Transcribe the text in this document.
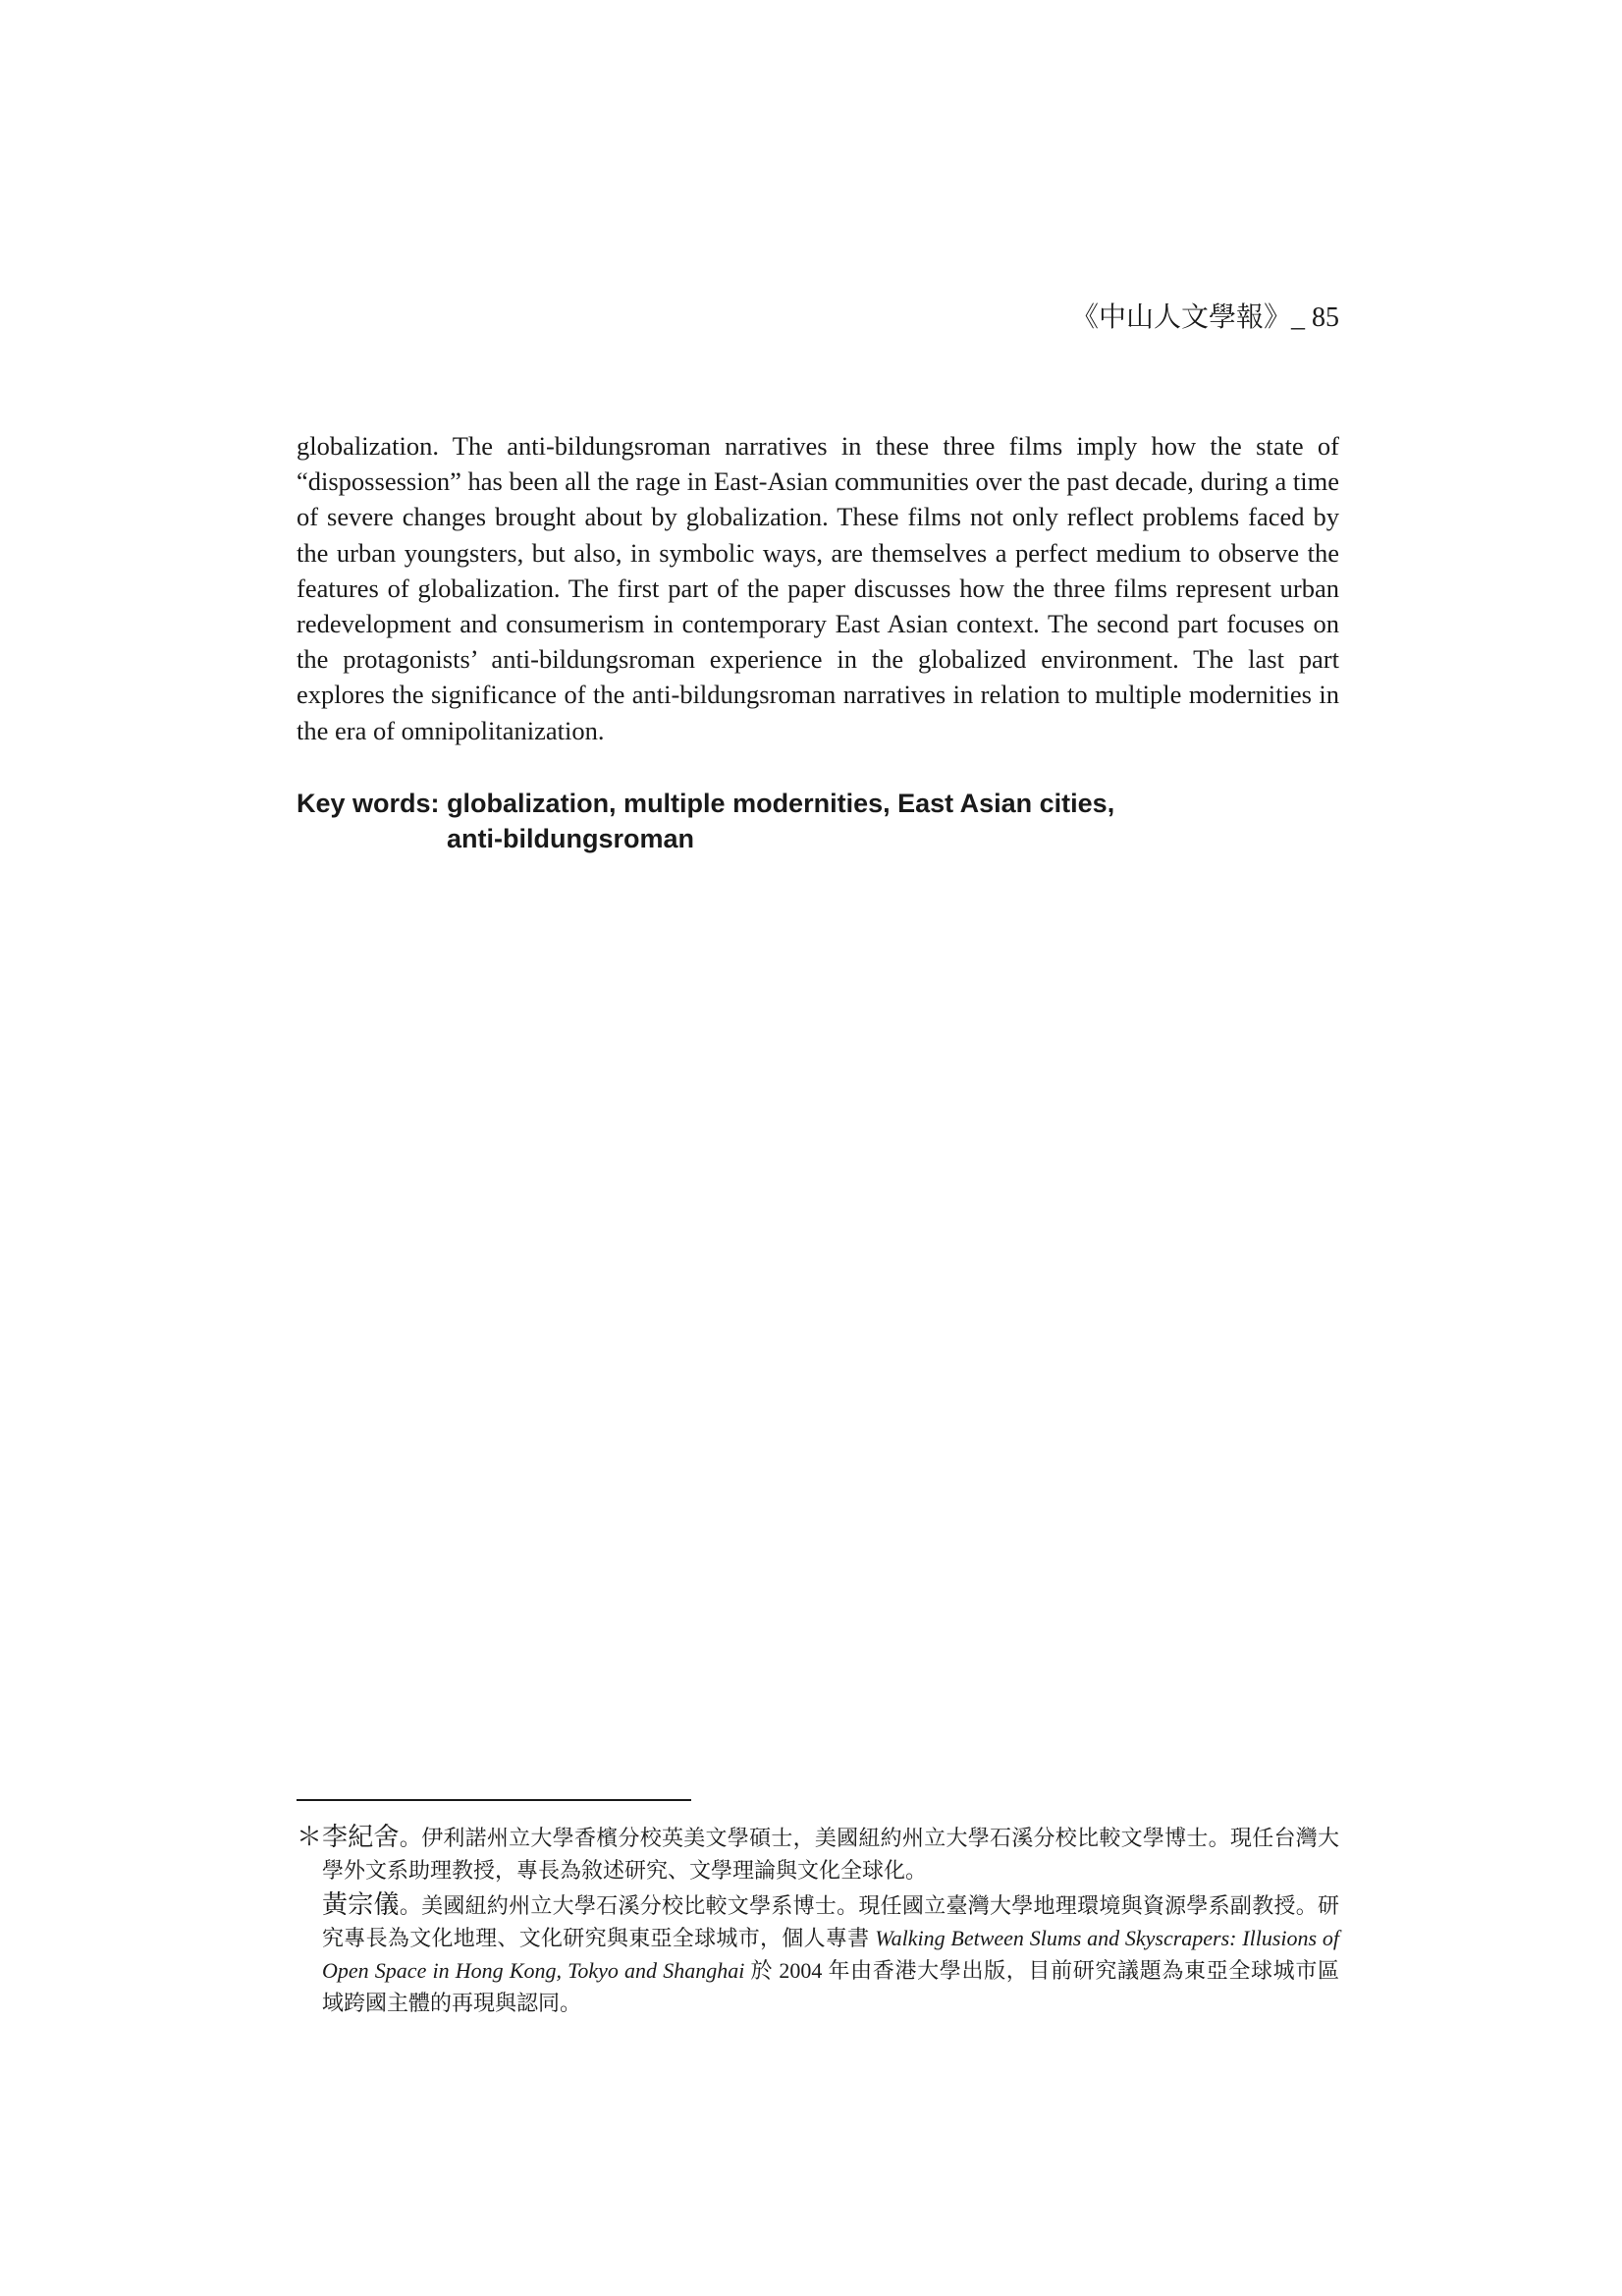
《中山人文學報》_ 85

globalization. The anti-bildungsroman narratives in these three films imply how the state of “dispossession” has been all the rage in East-Asian communities over the past decade, during a time of severe changes brought about by globalization. These films not only reflect problems faced by the urban youngsters, but also, in symbolic ways, are themselves a perfect medium to observe the features of globalization. The first part of the paper discusses how the three films represent urban redevelopment and consumerism in contemporary East Asian context. The second part focuses on the protagonists’ anti-bildungsroman experience in the globalized environment. The last part explores the significance of the anti-bildungsroman narratives in relation to multiple modernities in the era of omnipolitanization.

Key words: globalization, multiple modernities, East Asian cities,
anti-bildungsroman
＊ 李紀舍。伊利諾州立大學香檳分校英美文學碩士，美國紐約州立大學石溪分校比較文學博士。現任台灣大學外文系助理教授，專長為敘述研究、文學理論與文化全球化。
黃宗儀。美國紐約州立大學石溪分校比較文學系博士。現任國立臺灣大學地理環境與資源學系副教授。研究專長為文化地理、文化研究與東亞全球城市，個人專書 Walking Between Slums and Skyscrapers: Illusions of Open Space in Hong Kong, Tokyo and Shanghai 於 2004 年由香港大學出版，目前研究議題為東亞全球城市區域跨國主體的再現與認同。
